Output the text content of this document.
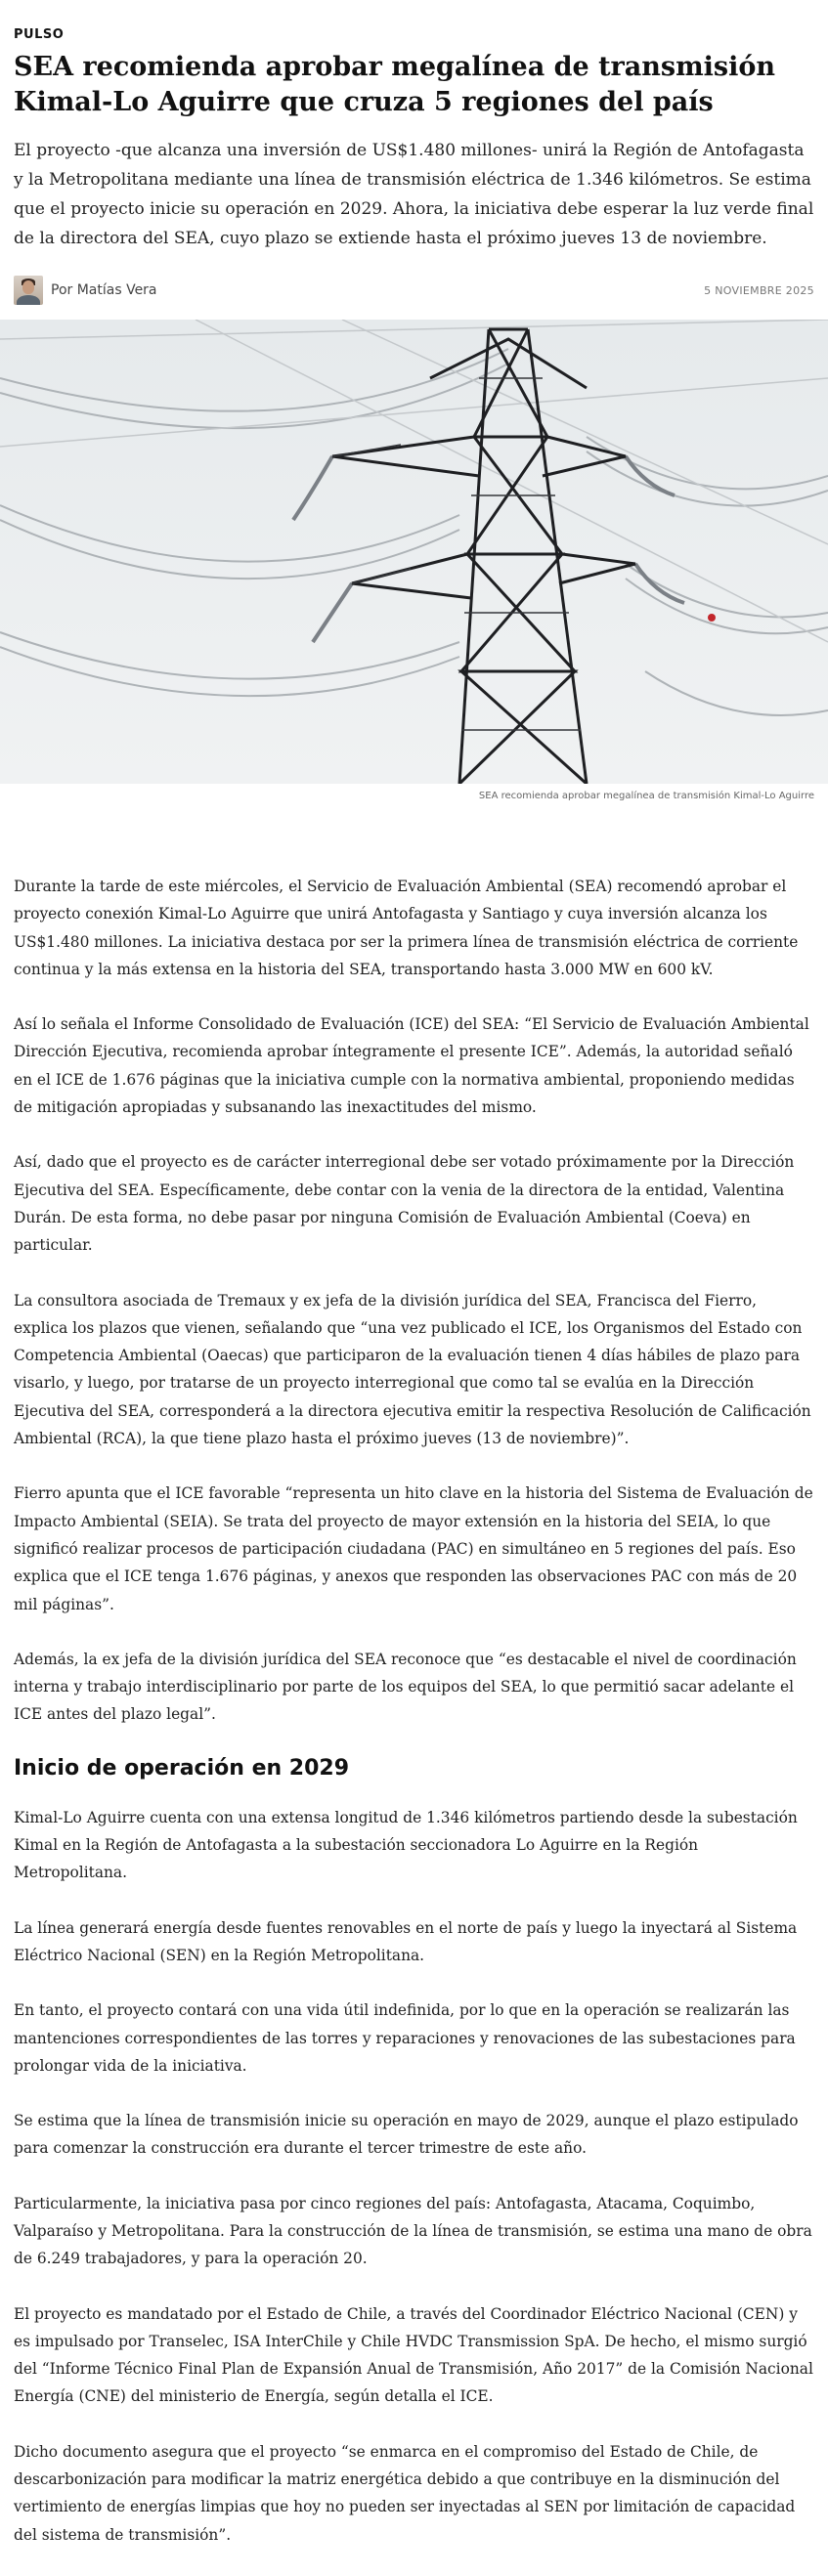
PULSO
SEA recomienda aprobar megalínea de transmisión Kimal-Lo Aguirre que cruza 5 regiones del país

El proyecto -que alcanza una inversión de US$1.480 millones- unirá la Región de Antofagasta y la Metropolitana mediante una línea de transmisión eléctrica de 1.346 kilómetros. Se estima que el proyecto inicie su operación en 2029. Ahora, la iniciativa debe esperar la luz verde final de la directora del SEA, cuyo plazo se extiende hasta el próximo jueves 13 de noviembre.

Por Matías Vera	5 NOVIEMBRE 2025
SEA recomienda aprobar megalínea de transmisión Kimal-Lo Aguirre

Durante la tarde de este miércoles, el Servicio de Evaluación Ambiental (SEA) recomendó aprobar el proyecto conexión Kimal-Lo Aguirre que unirá Antofagasta y Santiago y cuya inversión alcanza los US$1.480 millones. La iniciativa destaca por ser la primera línea de transmisión eléctrica de corriente continua y la más extensa en la historia del SEA, transportando hasta 3.000 MW en 600 kV.

Así lo señala el Informe Consolidado de Evaluación (ICE) del SEA: “El Servicio de Evaluación Ambiental Dirección Ejecutiva, recomienda aprobar íntegramente el presente ICE”. Además, la autoridad señaló en el ICE de 1.676 páginas que la iniciativa cumple con la normativa ambiental, proponiendo medidas de mitigación apropiadas y subsanando las inexactitudes del mismo.

Así, dado que el proyecto es de carácter interregional debe ser votado próximamente por la Dirección Ejecutiva del SEA. Específicamente, debe contar con la venia de la directora de la entidad, Valentina Durán. De esta forma, no debe pasar por ninguna Comisión de Evaluación Ambiental (Coeva) en particular.

La consultora asociada de Tremaux y ex jefa de la división jurídica del SEA, Francisca del Fierro, explica los plazos que vienen, señalando que “una vez publicado el ICE, los Organismos del Estado con Competencia Ambiental (Oaecas) que participaron de la evaluación tienen 4 días hábiles de plazo para visarlo, y luego, por tratarse de un proyecto interregional que como tal se evalúa en la Dirección Ejecutiva del SEA, corresponderá a la directora ejecutiva emitir la respectiva Resolución de Calificación Ambiental (RCA), la que tiene plazo hasta el próximo jueves (13 de noviembre)”.

Fierro apunta que el ICE favorable “representa un hito clave en la historia del Sistema de Evaluación de Impacto Ambiental (SEIA). Se trata del proyecto de mayor extensión en la historia del SEIA, lo que significó realizar procesos de participación ciudadana (PAC) en simultáneo en 5 regiones del país. Eso explica que el ICE tenga 1.676 páginas, y anexos que responden las observaciones PAC con más de 20 mil páginas”.

Además, la ex jefa de la división jurídica del SEA reconoce que “es destacable el nivel de coordinación interna y trabajo interdisciplinario por parte de los equipos del SEA, lo que permitió sacar adelante el ICE antes del plazo legal”.

Inicio de operación en 2029

Kimal-Lo Aguirre cuenta con una extensa longitud de 1.346 kilómetros partiendo desde la subestación Kimal en la Región de Antofagasta a la subestación seccionadora Lo Aguirre en la Región Metropolitana.

La línea generará energía desde fuentes renovables en el norte de país y luego la inyectará al Sistema Eléctrico Nacional (SEN) en la Región Metropolitana.

En tanto, el proyecto contará con una vida útil indefinida, por lo que en la operación se realizarán las mantenciones correspondientes de las torres y reparaciones y renovaciones de las subestaciones para prolongar vida de la iniciativa.

Se estima que la línea de transmisión inicie su operación en mayo de 2029, aunque el plazo estipulado para comenzar la construcción era durante el tercer trimestre de este año.

Particularmente, la iniciativa pasa por cinco regiones del país: Antofagasta, Atacama, Coquimbo, Valparaíso y Metropolitana. Para la construcción de la línea de transmisión, se estima una mano de obra de 6.249 trabajadores, y para la operación 20.

El proyecto es mandatado por el Estado de Chile, a través del Coordinador Eléctrico Nacional (CEN) y es impulsado por Transelec, ISA InterChile y Chile HVDC Transmission SpA. De hecho, el mismo surgió del “Informe Técnico Final Plan de Expansión Anual de Transmisión, Año 2017” de la Comisión Nacional Energía (CNE) del ministerio de Energía, según detalla el ICE.

Dicho documento asegura que el proyecto “se enmarca en el compromiso del Estado de Chile, de descarbonización para modificar la matriz energética debido a que contribuye en la disminución del vertimiento de energías limpias que hoy no pueden ser inyectadas al SEN por limitación de capacidad del sistema de transmisión”.
